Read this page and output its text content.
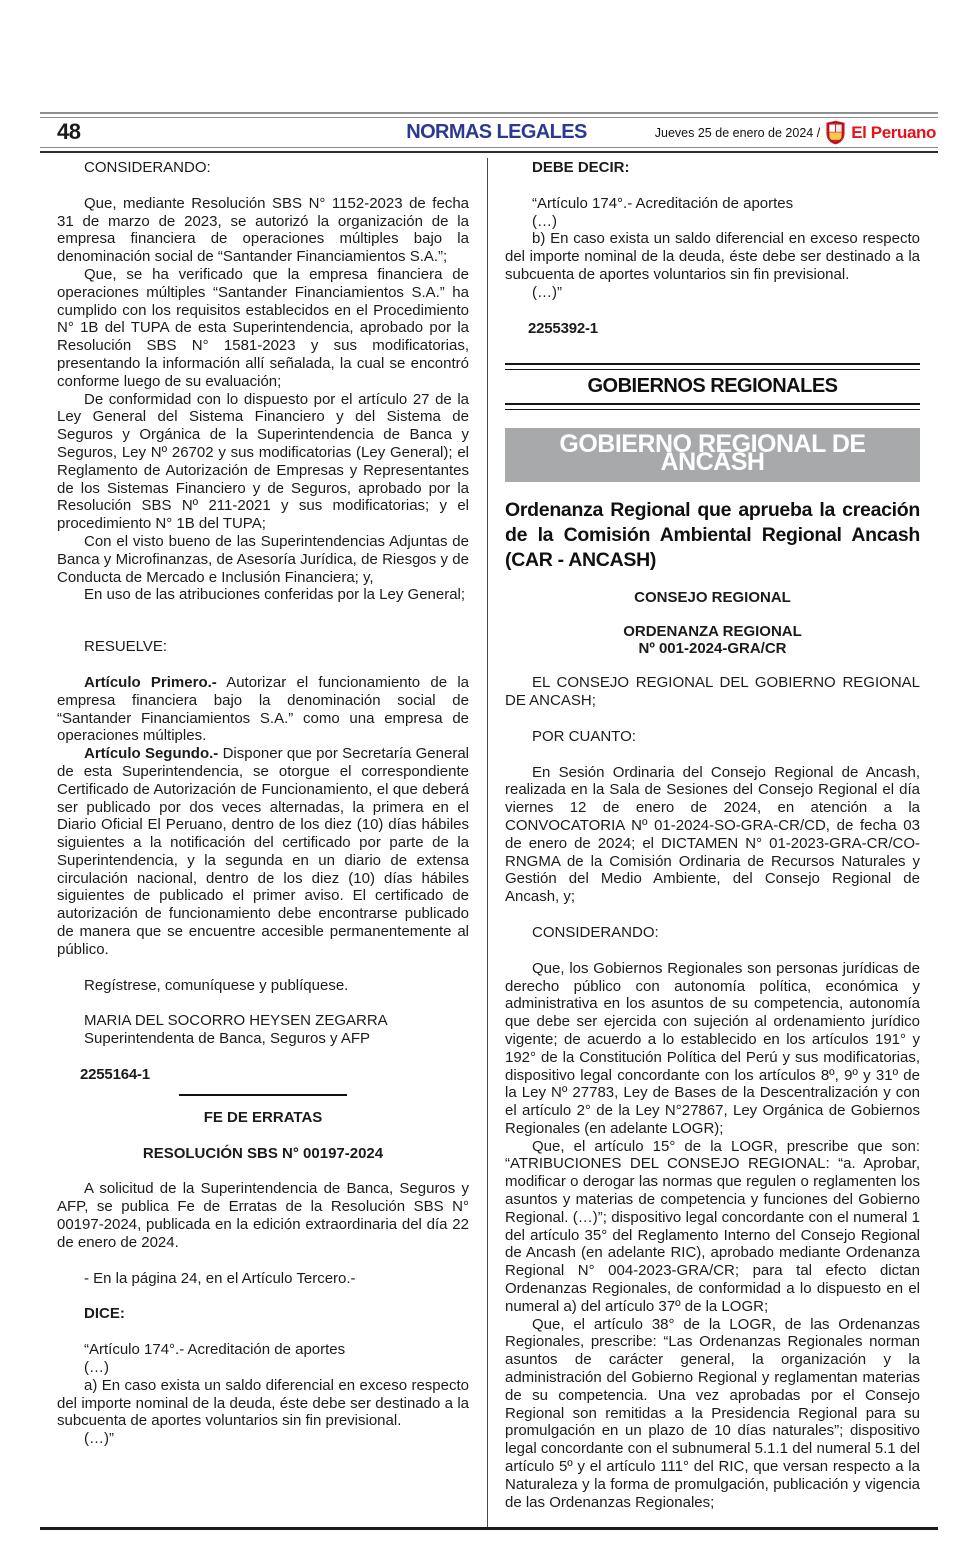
48	NORMAS LEGALES	Jueves 25 de enero de 2024 / El Peruano
CONSIDERANDO:
Que, mediante Resolución SBS N° 1152-2023 de fecha 31 de marzo de 2023, se autorizó la organización de la empresa financiera de operaciones múltiples bajo la denominación social de “Santander Financiamientos S.A.”;
Que, se ha verificado que la empresa financiera de operaciones múltiples “Santander Financiamientos S.A.” ha cumplido con los requisitos establecidos en el Procedimiento N° 1B del TUPA de esta Superintendencia, aprobado por la Resolución SBS N° 1581-2023 y sus modificatorias, presentando la información allí señalada, la cual se encontró conforme luego de su evaluación;
De conformidad con lo dispuesto por el artículo 27 de la Ley General del Sistema Financiero y del Sistema de Seguros y Orgánica de la Superintendencia de Banca y Seguros, Ley Nº 26702 y sus modificatorias (Ley General); el Reglamento de Autorización de Empresas y Representantes de los Sistemas Financiero y de Seguros, aprobado por la Resolución SBS Nº 211-2021 y sus modificatorias; y el procedimiento N° 1B del TUPA;
Con el visto bueno de las Superintendencias Adjuntas de Banca y Microfinanzas, de Asesoría Jurídica, de Riesgos y de Conducta de Mercado e Inclusión Financiera; y,
En uso de las atribuciones conferidas por la Ley General;
RESUELVE:
Artículo Primero.- Autorizar el funcionamiento de la empresa financiera bajo la denominación social de “Santander Financiamientos S.A.” como una empresa de operaciones múltiples.
Artículo Segundo.- Disponer que por Secretaría General de esta Superintendencia, se otorgue el correspondiente Certificado de Autorización de Funcionamiento, el que deberá ser publicado por dos veces alternadas, la primera en el Diario Oficial El Peruano, dentro de los diez (10) días hábiles siguientes a la notificación del certificado por parte de la Superintendencia, y la segunda en un diario de extensa circulación nacional, dentro de los diez (10) días hábiles siguientes de publicado el primer aviso. El certificado de autorización de funcionamiento debe encontrarse publicado de manera que se encuentre accesible permanentemente al público.
Regístrese, comuníquese y publíquese.
MARIA DEL SOCORRO HEYSEN ZEGARRA
Superintendenta de Banca, Seguros y AFP
2255164-1
FE DE ERRATAS
RESOLUCIÓN SBS N° 00197-2024
A solicitud de la Superintendencia de Banca, Seguros y AFP, se publica Fe de Erratas de la Resolución SBS N° 00197-2024, publicada en la edición extraordinaria del día 22 de enero de 2024.
- En la página 24, en el Artículo Tercero.-
DICE:
“Artículo 174°.- Acreditación de aportes
(…)
a) En caso exista un saldo diferencial en exceso respecto del importe nominal de la deuda, éste debe ser destinado a la subcuenta de aportes voluntarios sin fin previsional.
(…)”
DEBE DECIR:
“Artículo 174°.- Acreditación de aportes
(…)
b) En caso exista un saldo diferencial en exceso respecto del importe nominal de la deuda, éste debe ser destinado a la subcuenta de aportes voluntarios sin fin previsional.
(…)”
2255392-1
GOBIERNOS REGIONALES
GOBIERNO REGIONAL DE ANCASH
Ordenanza Regional que aprueba la creación de la Comisión Ambiental Regional Ancash (CAR - ANCASH)
CONSEJO REGIONAL
ORDENANZA REGIONAL
Nº 001-2024-GRA/CR
EL CONSEJO REGIONAL DEL GOBIERNO REGIONAL DE ANCASH;
POR CUANTO:
En Sesión Ordinaria del Consejo Regional de Ancash, realizada en la Sala de Sesiones del Consejo Regional el día viernes 12 de enero de 2024, en atención a la CONVOCATORIA Nº 01-2024-SO-GRA-CR/CD, de fecha 03 de enero de 2024; el DICTAMEN N° 01-2023-GRA-CR/CO-RNGMA de la Comisión Ordinaria de Recursos Naturales y Gestión del Medio Ambiente, del Consejo Regional de Ancash, y;
CONSIDERANDO:
Que, los Gobiernos Regionales son personas jurídicas de derecho público con autonomía política, económica y administrativa en los asuntos de su competencia, autonomía que debe ser ejercida con sujeción al ordenamiento jurídico vigente; de acuerdo a lo establecido en los artículos 191° y 192° de la Constitución Política del Perú y sus modificatorias, dispositivo legal concordante con los artículos 8º, 9º y 31º de la Ley Nº 27783, Ley de Bases de la Descentralización y con el artículo 2° de la Ley N°27867, Ley Orgánica de Gobiernos Regionales (en adelante LOGR);
Que, el artículo 15° de la LOGR, prescribe que son: “ATRIBUCIONES DEL CONSEJO REGIONAL: “a. Aprobar, modificar o derogar las normas que regulen o reglamenten los asuntos y materias de competencia y funciones del Gobierno Regional. (…)”; dispositivo legal concordante con el numeral 1 del artículo 35° del Reglamento Interno del Consejo Regional de Ancash (en adelante RIC), aprobado mediante Ordenanza Regional N° 004-2023-GRA/CR; para tal efecto dictan Ordenanzas Regionales, de conformidad a lo dispuesto en el numeral a) del artículo 37º de la LOGR;
Que, el artículo 38° de la LOGR, de las Ordenanzas Regionales, prescribe: “Las Ordenanzas Regionales norman asuntos de carácter general, la organización y la administración del Gobierno Regional y reglamentan materias de su competencia. Una vez aprobadas por el Consejo Regional son remitidas a la Presidencia Regional para su promulgación en un plazo de 10 días naturales”; dispositivo legal concordante con el subnumeral 5.1.1 del numeral 5.1 del artículo 5º y el artículo 111° del RIC, que versan respecto a la Naturaleza y la forma de promulgación, publicación y vigencia de las Ordenanzas Regionales;
